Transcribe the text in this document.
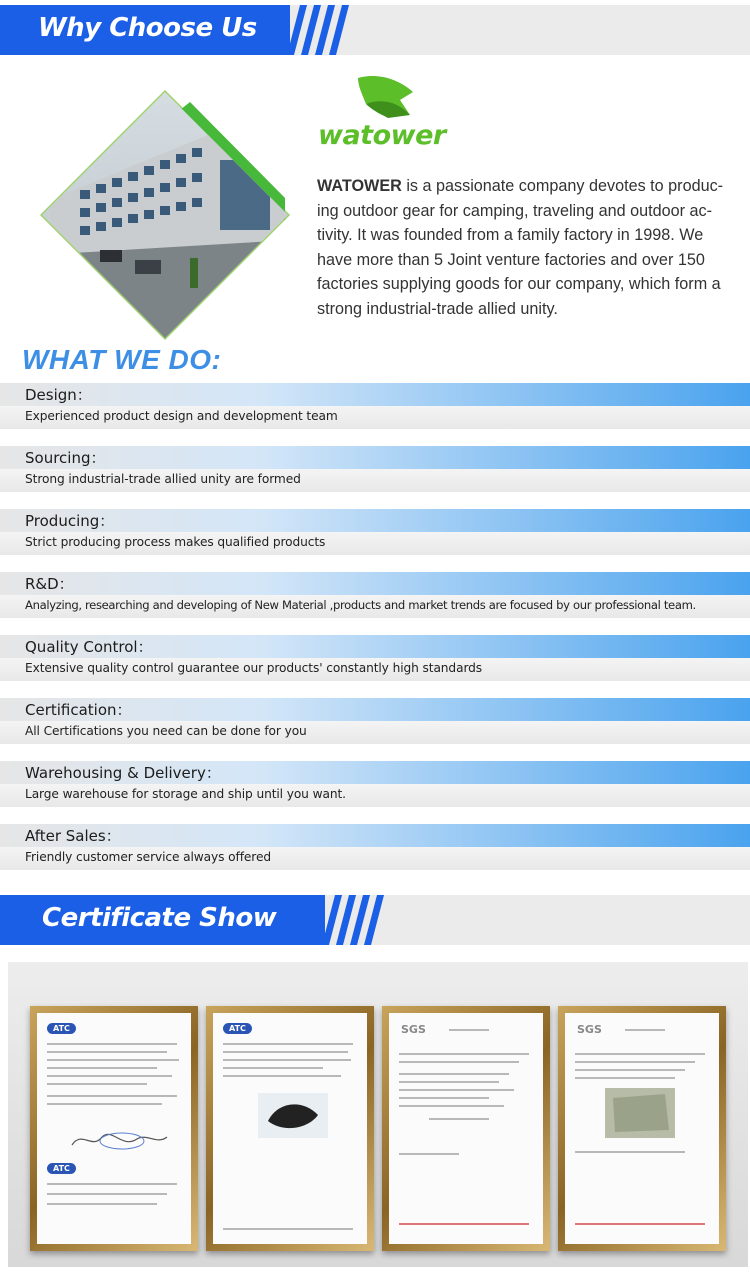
Why Choose Us
watower
WATOWER is a passionate company devotes to produc-
ing outdoor gear for camping, traveling and outdoor ac-
tivity. It was founded from a family factory in 1998. We
have more than 5 Joint venture factories and over 150
factories supplying goods for our company, which form a
strong industrial-trade allied unity.
WHAT WE DO:
Design：
Experienced product design and development team
Sourcing：
Strong industrial-trade allied unity are formed
Producing：
Strict producing process makes qualified products
R&D：
Analyzing, researching and developing of New Material ,products and market trends are focused by our professional team.
Quality Control：
Extensive quality control guarantee our products' constantly high standards
Certification：
All Certifications you need can be done for you
Warehousing & Delivery：
Large warehouse for storage and ship until you want.
After Sales：
Friendly customer service always offered
Certificate Show
ATC
ATC
ATC	SGS	SGS
